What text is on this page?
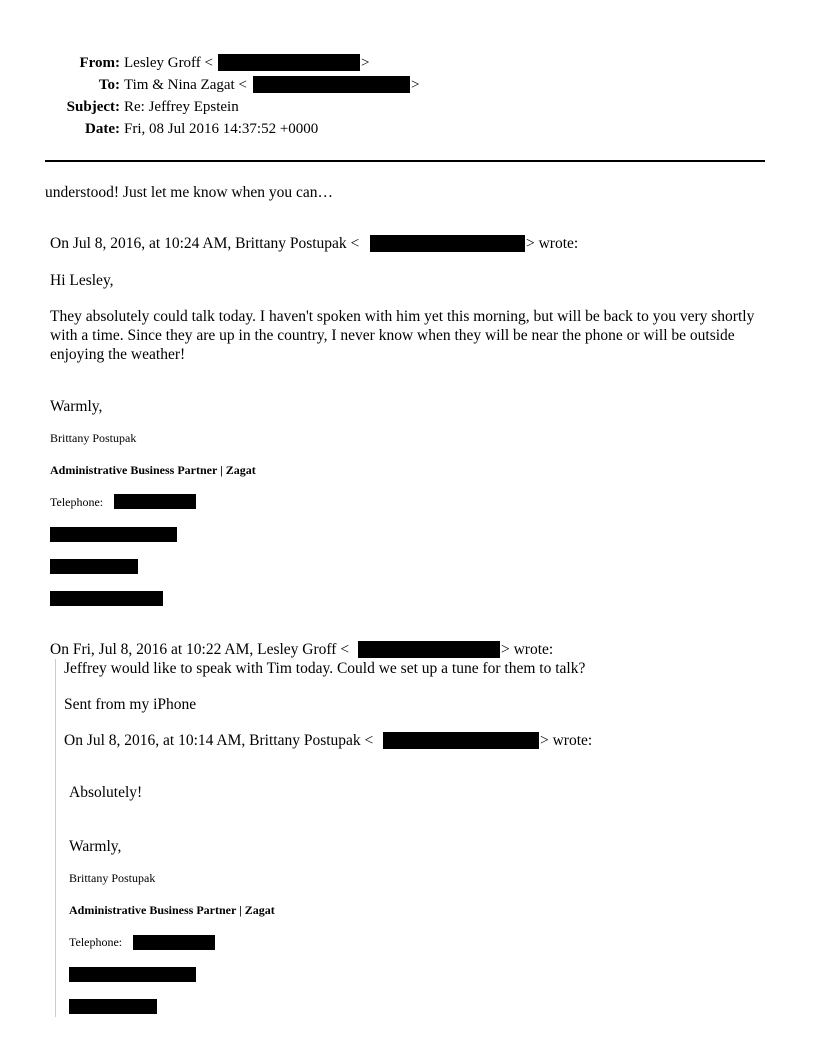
From: Lesley Groff <	>
To: Tim & Nina Zagat <	>
Subject: Re: Jeffrey Epstein
Date: Fri, 08 Jul 2016 14:37:52 +0000
understood! Just let me know when you can…
On Jul 8, 2016, at 10:24 AM, Brittany Postupak <	> wrote:
Hi Lesley,
They absolutely could talk today. I haven't spoken with him yet this morning, but will be back to you very shortly with a time. Since they are up in the country, I never know when they will be near the phone or will be outside enjoying the weather!
Warmly,
Brittany Postupak
Administrative Business Partner | Zagat
Telephone:
On Fri, Jul 8, 2016 at 10:22 AM, Lesley Groff <	> wrote:
Jeffrey would like to speak with Tim today. Could we set up a tune for them to talk?
Sent from my iPhone
On Jul 8, 2016, at 10:14 AM, Brittany Postupak <	> wrote:
Absolutely!
Warmly,
Brittany Postupak
Administrative Business Partner | Zagat
Telephone:
